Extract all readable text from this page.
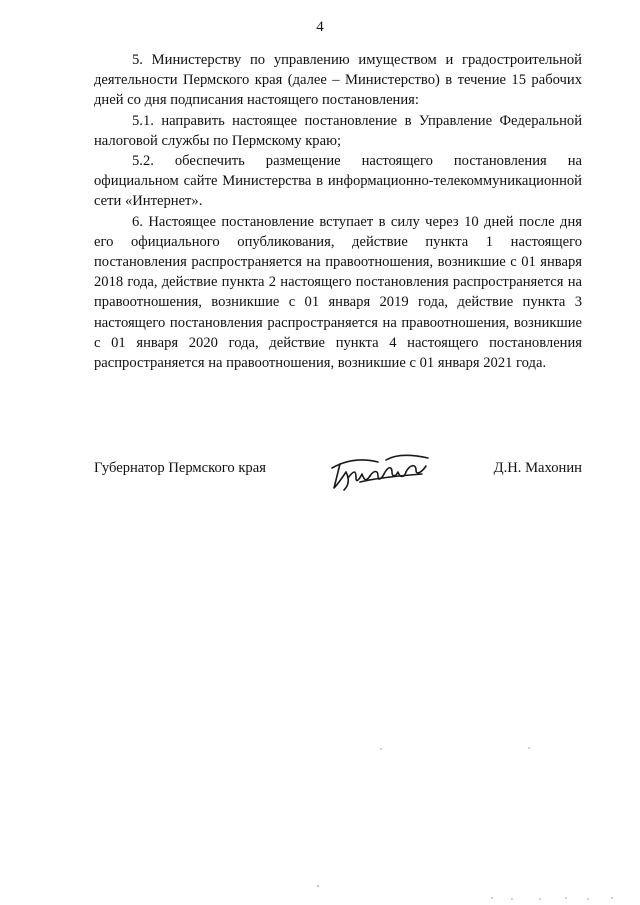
4

5. Министерству по управлению имуществом и градостроительной деятельности Пермского края (далее – Министерство) в течение 15 рабочих дней со дня подписания настоящего постановления:

5.1. направить настоящее постановление в Управление Федеральной налоговой службы по Пермскому краю;

5.2. обеспечить размещение настоящего постановления на официальном сайте Министерства в информационно-телекоммуникационной сети «Интернет».

6. Настоящее постановление вступает в силу через 10 дней после дня его официального опубликования, действие пункта 1 настоящего постановления распространяется на правоотношения, возникшие с 01 января 2018 года, действие пункта 2 настоящего постановления распространяется на правоотношения, возникшие с 01 января 2019 года, действие пункта 3 настоящего постановления распространяется на правоотношения, возникшие с 01 января 2020 года, действие пункта 4 настоящего постановления распространяется на правоотношения, возникшие с 01 января 2021 года.

Губернатор Пермского края	Д.Н. Махонин
